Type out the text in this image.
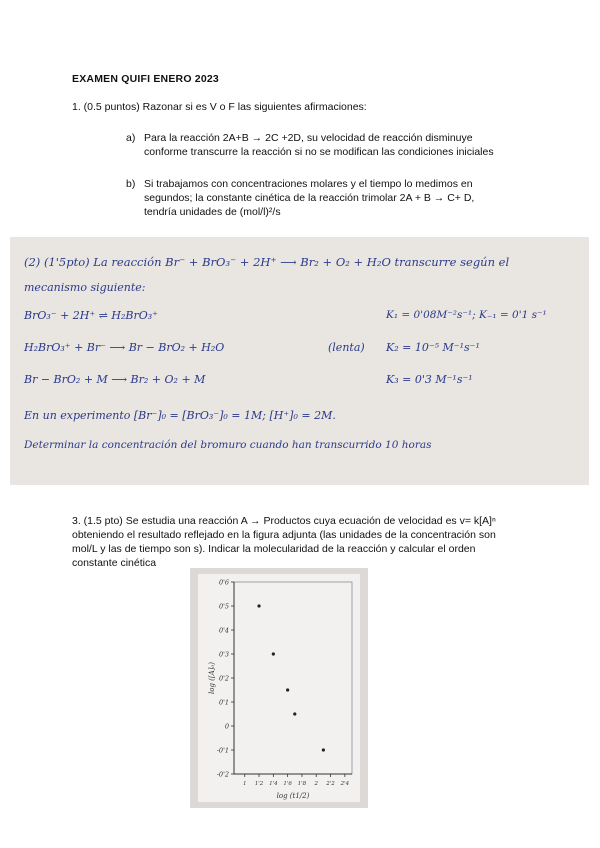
EXAMEN QUIFI ENERO 2023
1. (0.5 puntos) Razonar si es V o F las siguientes afirmaciones:
a) Para la reacción 2A+B → 2C +2D, su velocidad de reacción disminuye
conforme transcurre la reacción si no se modifican las condiciones iniciales
b) Si trabajamos con concentraciones molares y el tiempo lo medimos en
segundos; la constante cinética de la reacción trimolar 2A + B → C+ D,
tendría unidades de (mol/l)²/s
(2) (1'5pto) La reacción Br⁻ + BrO₃⁻ + 2H⁺ ⟶ Br₂ + O₂ + H₂O transcurre según el
mecanismo siguiente:
BrO₃⁻ + 2H⁺ ⇌ H₂BrO₃⁺	K₁ = 0'08M⁻²s⁻¹; K₋₁ = 0'1 s⁻¹
H₂BrO₃⁺ + Br⁻ ⟶ Br − BrO₂ + H₂O	(lenta) K₂ = 10⁻⁵ M⁻¹s⁻¹
Br − BrO₂ + M ⟶ Br₂ + O₂ + M	K₃ = 0'3 M⁻¹s⁻¹
En un experimento [Br⁻]₀ = [BrO₃⁻]₀ = 1M; [H⁺]₀ = 2M.
Determinar la concentración del bromuro cuando han transcurrido 10 horas
3. (1.5 pto) Se estudia una reacción A → Productos cuya ecuación de velocidad es v= k[A]ⁿ
obteniendo el resultado reflejado en la figura adjunta (las unidades de la concentración son
mol/L y las de tiempo son s). Indicar la molecularidad de la reacción y calcular el orden
constante cinética
0'6
0'5
0'4
0'3
0'2
0'1
0
-0'1
-0'2
1 1'2 1'4 1'6 1'8 2 2'2 2'4
log (t1/2)
log ([A]₀)
